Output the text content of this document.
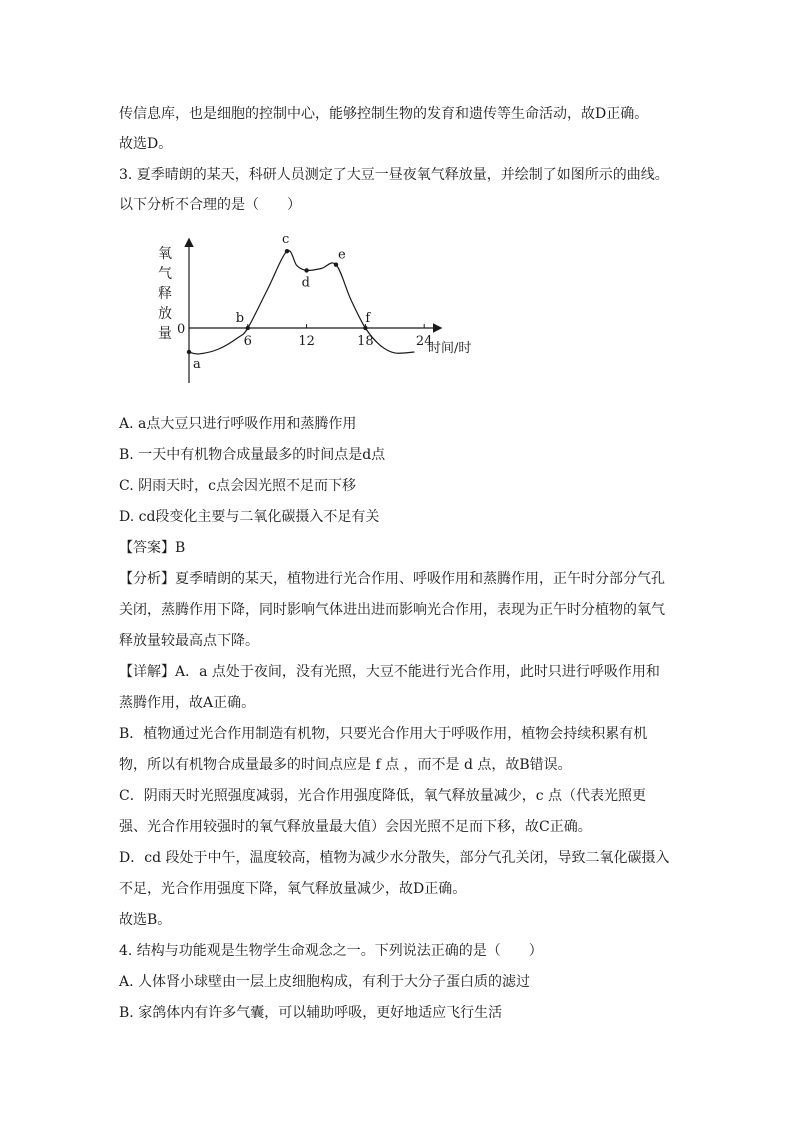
传信息库，也是细胞的控制中心，能够控制生物的发育和遗传等生命活动，故D正确。
故选D。
3. 夏季晴朗的某天，科研人员测定了大豆一昼夜氧气释放量，并绘制了如图所示的曲线。
以下分析不合理的是（　　）
氧
气
释
放
量 0
6	12	18	24
时间/时
a
b
c
d
e
f
A. a点大豆只进行呼吸作用和蒸腾作用
B. 一天中有机物合成量最多的时间点是d点
C. 阴雨天时，c点会因光照不足而下移
D. cd段变化主要与二氧化碳摄入不足有关
【答案】B
【分析】夏季晴朗的某天，植物进行光合作用、呼吸作用和蒸腾作用，正午时分部分气孔
关闭，蒸腾作用下降，同时影响气体进出进而影响光合作用，表现为正午时分植物的氧气
释放量较最高点下降。
【详解】A．a 点处于夜间，没有光照，大豆不能进行光合作用，此时只进行呼吸作用和
蒸腾作用，故A正确。
B．植物通过光合作用制造有机物，只要光合作用大于呼吸作用，植物会持续积累有机
物，所以有机物合成量最多的时间点应是 f 点 ，而不是 d 点，故B错误。
C．阴雨天时光照强度减弱，光合作用强度降低，氧气释放量减少，c 点（代表光照更
强、光合作用较强时的氧气释放量最大值）会因光照不足而下移，故C正确。
D．cd 段处于中午，温度较高，植物为减少水分散失，部分气孔关闭，导致二氧化碳摄入
不足，光合作用强度下降，氧气释放量减少，故D正确。
故选B。
4. 结构与功能观是生物学生命观念之一。下列说法正确的是（　　）
A. 人体肾小球壁由一层上皮细胞构成，有利于大分子蛋白质的滤过
B. 家鸽体内有许多气囊，可以辅助呼吸，更好地适应飞行生活
